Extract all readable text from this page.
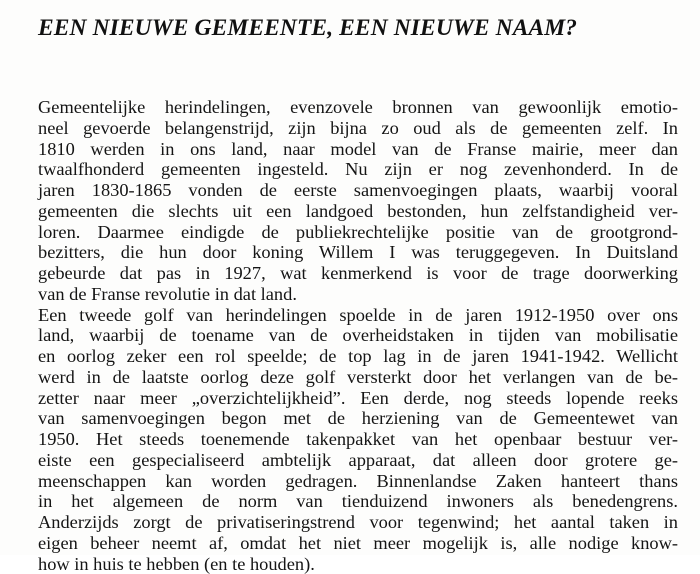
EEN NIEUWE GEMEENTE, EEN NIEUWE NAAM?

Gemeentelijke herindelingen, evenzovele bronnen van gewoonlijk emotio-
neel gevoerde belangenstrijd, zijn bijna zo oud als de gemeenten zelf. In
1810 werden in ons land, naar model van de Franse mairie, meer dan
twaalfhonderd gemeenten ingesteld. Nu zijn er nog zevenhonderd. In de
jaren 1830-1865 vonden de eerste samenvoegingen plaats, waarbij vooral
gemeenten die slechts uit een landgoed bestonden, hun zelfstandigheid ver-
loren. Daarmee eindigde de publiekrechtelijke positie van de grootgrond-
bezitters, die hun door koning Willem I was teruggegeven. In Duitsland
gebeurde dat pas in 1927, wat kenmerkend is voor de trage doorwerking
van de Franse revolutie in dat land.

Een tweede golf van herindelingen spoelde in de jaren 1912-1950 over ons
land, waarbij de toename van de overheidstaken in tijden van mobilisatie
en oorlog zeker een rol speelde; de top lag in de jaren 1941-1942. Wellicht
werd in de laatste oorlog deze golf versterkt door het verlangen van de be-
zetter naar meer „overzichtelijkheid”. Een derde, nog steeds lopende reeks
van samenvoegingen begon met de herziening van de Gemeentewet van
1950. Het steeds toenemende takenpakket van het openbaar bestuur ver-
eiste een gespecialiseerd ambtelijk apparaat, dat alleen door grotere ge-
meenschappen kan worden gedragen. Binnenlandse Zaken hanteert thans
in het algemeen de norm van tienduizend inwoners als benedengrens.
Anderzijds zorgt de privatiseringstrend voor tegenwind; het aantal taken in
eigen beheer neemt af, omdat het niet meer mogelijk is, alle nodige know-
how in huis te hebben (en te houden).
